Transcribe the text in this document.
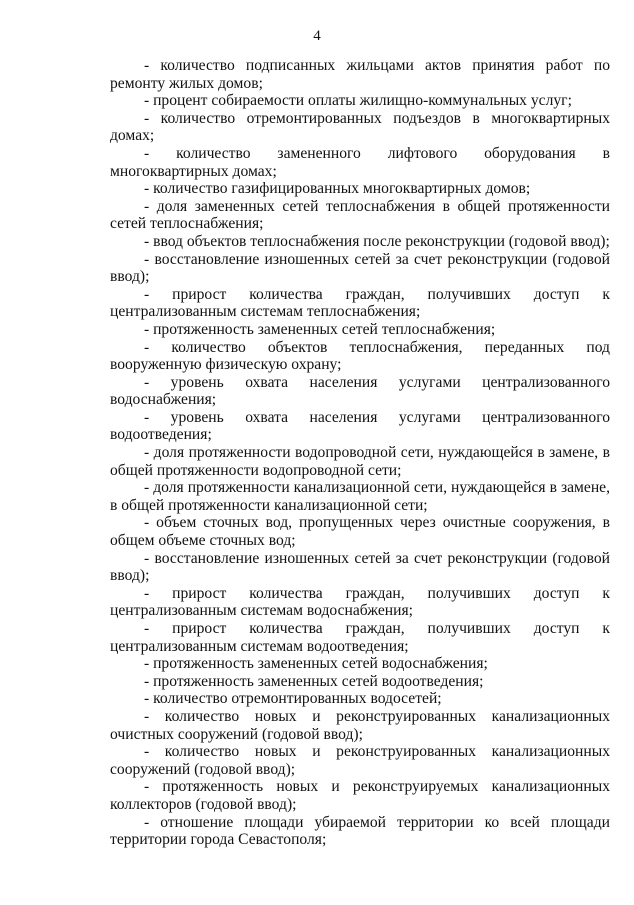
4

- количество подписанных жильцами актов принятия работ по ремонту жилых домов;

- процент собираемости оплаты жилищно-коммунальных услуг;

- количество отремонтированных подъездов в многоквартирных домах;

- количество замененного лифтового оборудования в многоквартирных домах;

- количество газифицированных многоквартирных домов;

- доля замененных сетей теплоснабжения в общей протяженности сетей теплоснабжения;

- ввод объектов теплоснабжения после реконструкции (годовой ввод);

- восстановление изношенных сетей за счет реконструкции (годовой ввод);

- прирост количества граждан, получивших доступ к централизованным системам теплоснабжения;

- протяженность замененных сетей теплоснабжения;

- количество объектов теплоснабжения, переданных под вооруженную физическую охрану;

- уровень охвата населения услугами централизованного водоснабжения;

- уровень охвата населения услугами централизованного водоотведения;

- доля протяженности водопроводной сети, нуждающейся в замене, в общей протяженности водопроводной сети;

- доля протяженности канализационной сети, нуждающейся в замене, в общей протяженности канализационной сети;

- объем сточных вод, пропущенных через очистные сооружения, в общем объеме сточных вод;

- восстановление изношенных сетей за счет реконструкции (годовой ввод);

- прирост количества граждан, получивших доступ к централизованным системам водоснабжения;

- прирост количества граждан, получивших доступ к централизованным системам водоотведения;

- протяженность замененных сетей водоснабжения;

- протяженность замененных сетей водоотведения;

- количество отремонтированных водосетей;

- количество новых и реконструированных канализационных очистных сооружений (годовой ввод);

- количество новых и реконструированных канализационных сооружений (годовой ввод);

- протяженность новых и реконструируемых канализационных коллекторов (годовой ввод);

- отношение площади убираемой территории ко всей площади территории города Севастополя;
